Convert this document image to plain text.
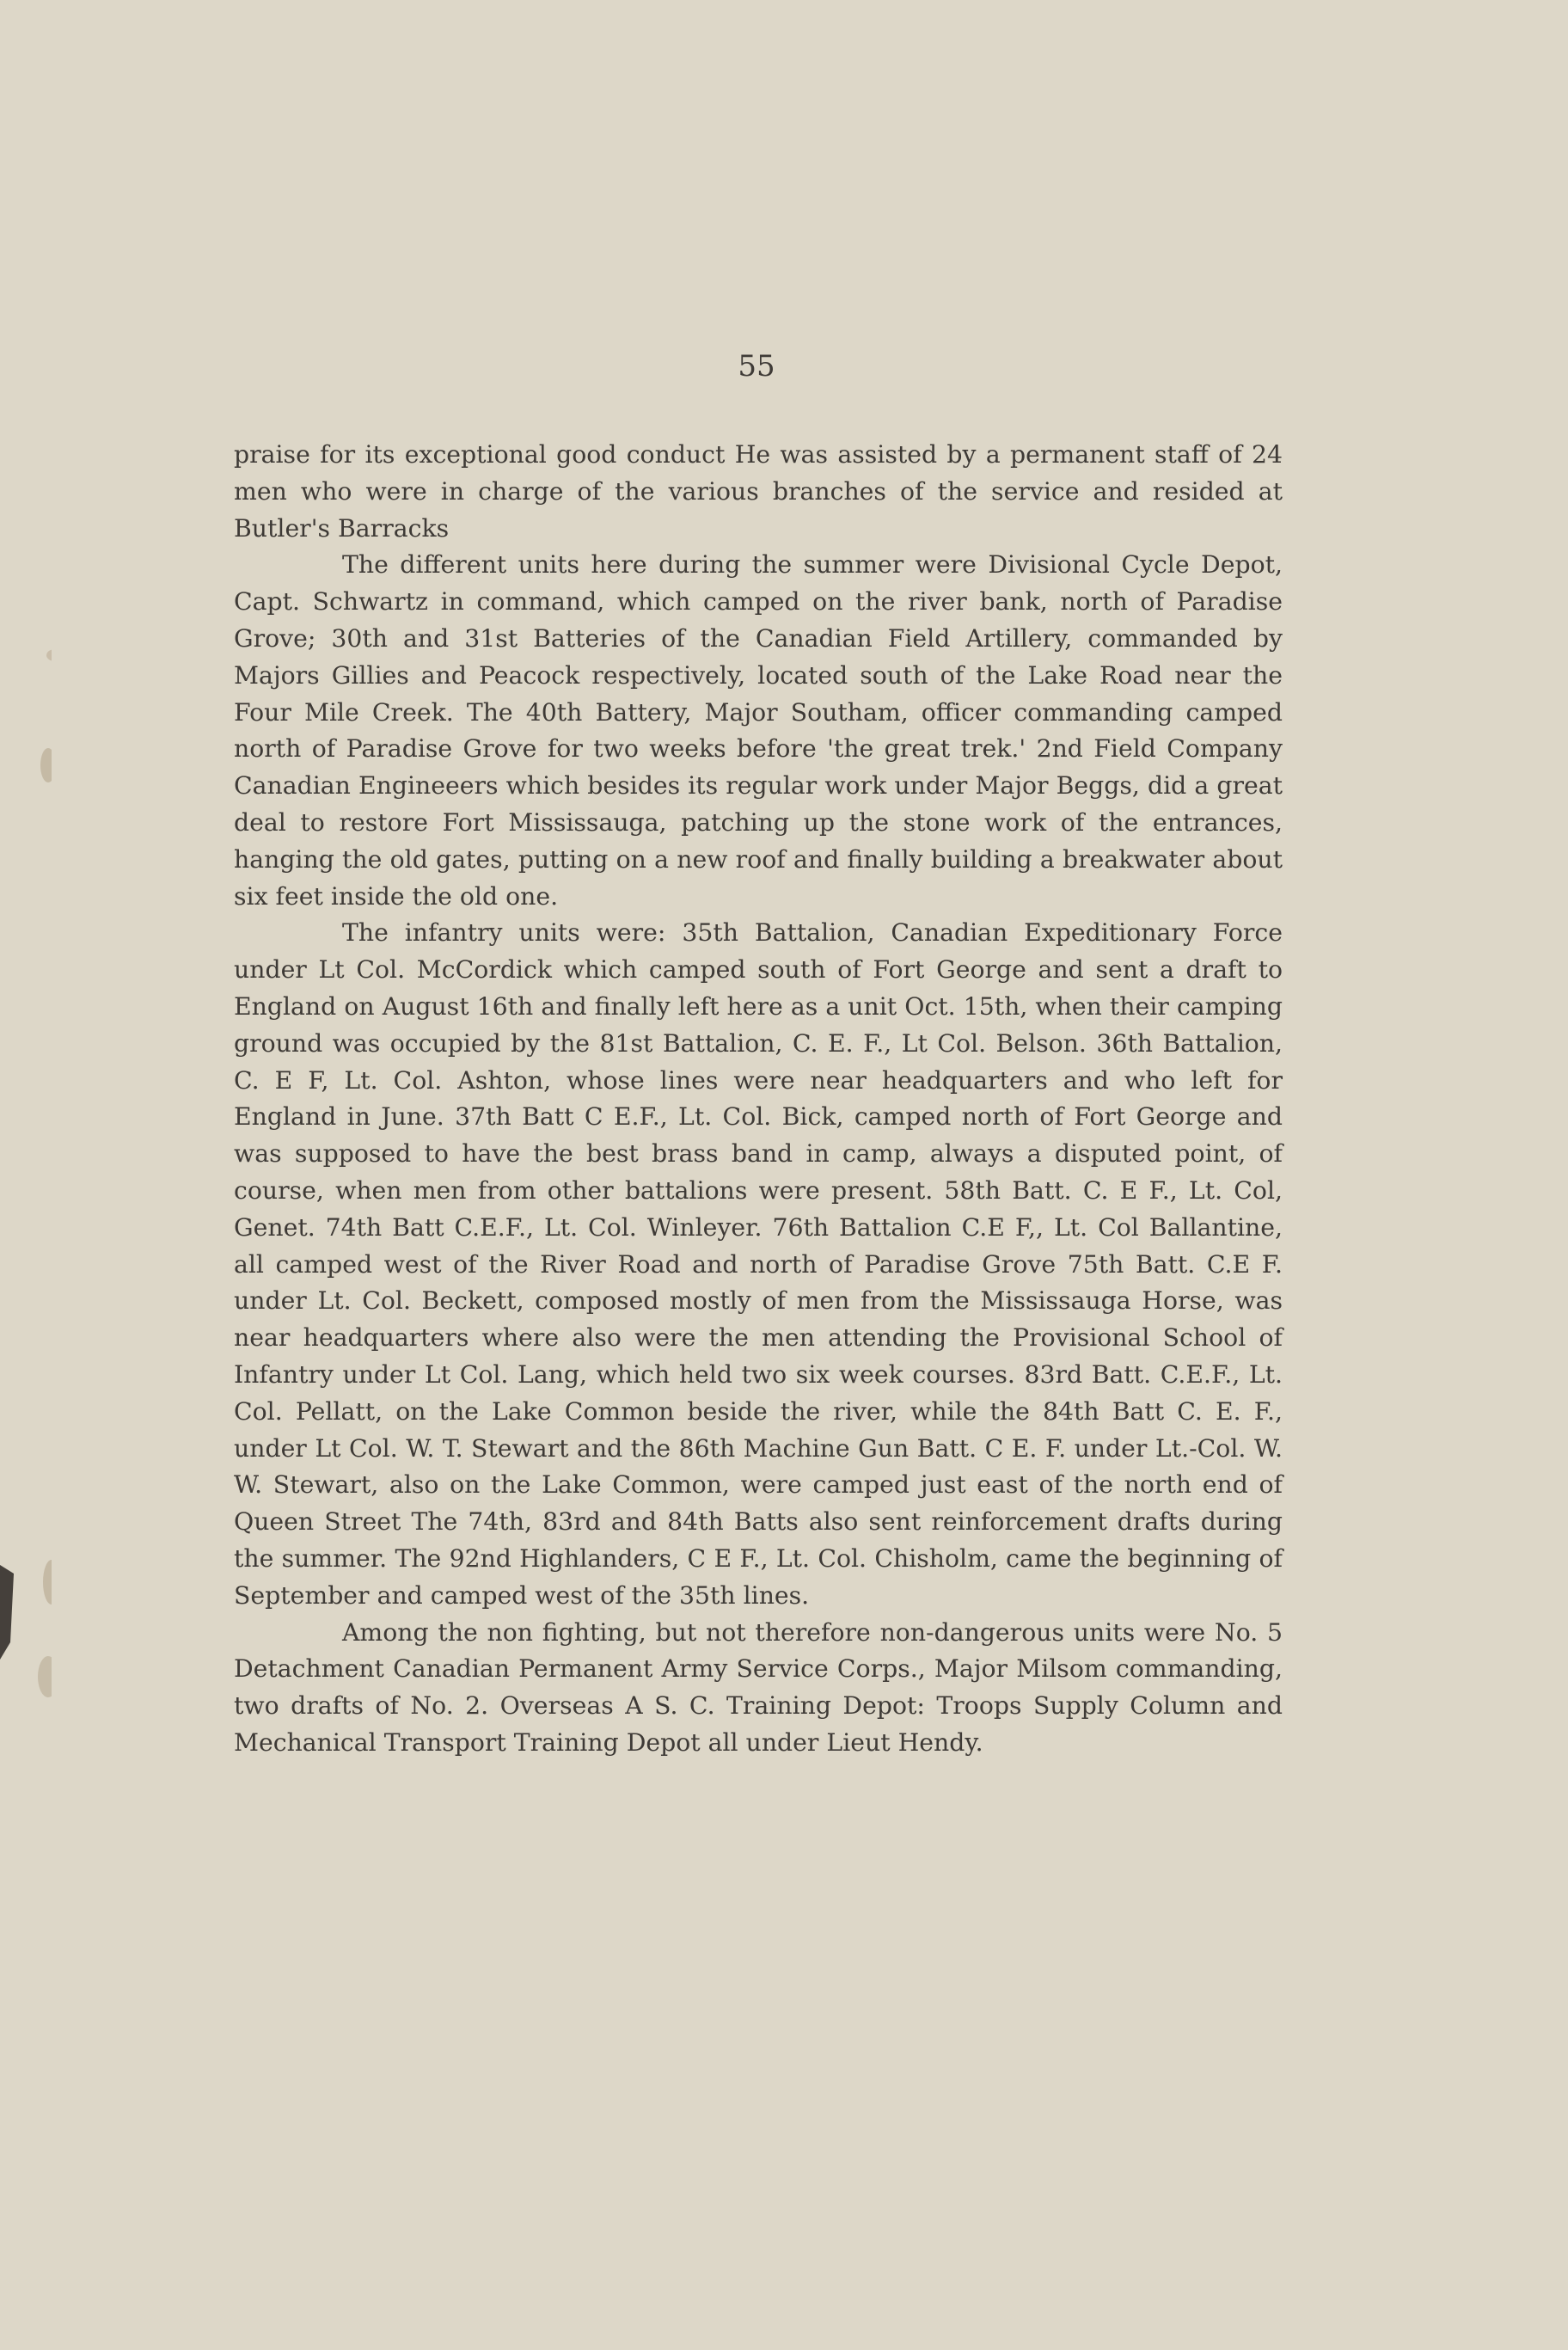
55

praise for its exceptional good conduct He was assisted by a permanent staff of 24 men who were in charge of the various branches of the service and resided at Butler's Barracks

The different units here during the summer were Divisional Cycle Depot, Capt. Schwartz in command, which camped on the river bank, north of Paradise Grove; 30th and 31st Batteries of the Canadian Field Artillery, commanded by Majors Gillies and Peacock respectively, located south of the Lake Road near the Four Mile Creek. The 40th Battery, Major Southam, officer commanding camped north of Paradise Grove for two weeks before 'the great trek.' 2nd Field Company Canadian Engineeers which besides its regular work under Major Beggs, did a great deal to restore Fort Mississauga, patching up the stone work of the entrances, hanging the old gates, putting on a new roof and finally building a breakwater about six feet inside the old one.

The infantry units were: 35th Battalion, Canadian Expeditionary Force under Lt Col. McCordick which camped south of Fort George and sent a draft to England on August 16th and finally left here as a unit Oct. 15th, when their camping ground was occupied by the 81st Battalion, C. E. F., Lt Col. Belson. 36th Battalion, C. E F, Lt. Col. Ashton, whose lines were near headquarters and who left for England in June. 37th Batt C E.F., Lt. Col. Bick, camped north of Fort George and was supposed to have the best brass band in camp, always a disputed point, of course, when men from other battalions were present. 58th Batt. C. E F., Lt. Col, Genet. 74th Batt C.E.F., Lt. Col. Winleyer. 76th Battalion C.E F,, Lt. Col Ballantine, all camped west of the River Road and north of Paradise Grove 75th Batt. C.E F. under Lt. Col. Beckett, composed mostly of men from the Mississauga Horse, was near headquarters where also were the men attending the Provisional School of Infantry under Lt Col. Lang, which held two six week courses. 83rd Batt. C.E.F., Lt. Col. Pellatt, on the Lake Common beside the river, while the 84th Batt C. E. F., under Lt Col. W. T. Stewart and the 86th Machine Gun Batt. C E. F. under Lt.-Col. W. W. Stewart, also on the Lake Common, were camped just east of the north end of Queen Street The 74th, 83rd and 84th Batts also sent reinforcement drafts during the summer. The 92nd Highlanders, C E F., Lt. Col. Chisholm, came the beginning of September and camped west of the 35th lines.

Among the non fighting, but not therefore non-dangerous units were No. 5 Detachment Canadian Permanent Army Service Corps., Major Milsom commanding, two drafts of No. 2. Overseas A S. C. Training Depot: Troops Supply Column and Mechanical Transport Training Depot all under Lieut Hendy.
